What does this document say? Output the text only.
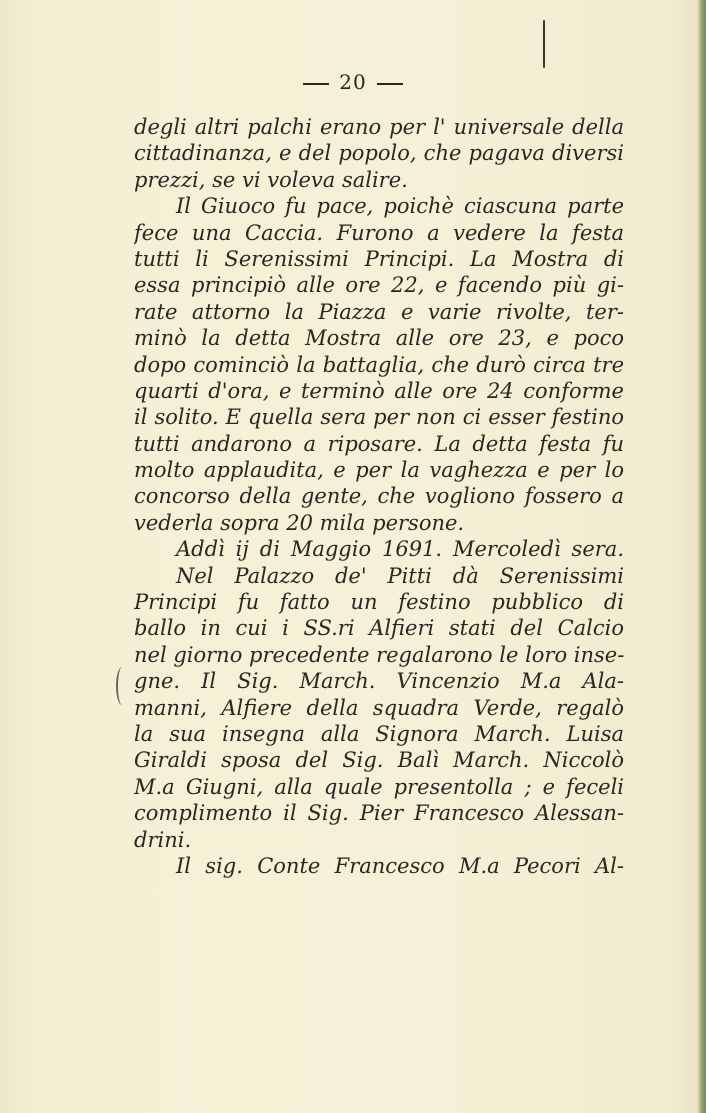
20
degli altri palchi erano per l' universale della
cittadinanza, e del popolo, che pagava diversi
prezzi, se vi voleva salire.
Il Giuoco fu pace, poichè ciascuna parte
fece una Caccia. Furono a vedere la festa
tutti li Serenissimi Principi. La Mostra di
essa principiò alle ore 22, e facendo più gi-
rate attorno la Piazza e varie rivolte, ter-
minò la detta Mostra alle ore 23, e poco
dopo cominciò la battaglia, che durò circa tre
quarti d'ora, e terminò alle ore 24 conforme
il solito. E quella sera per non ci esser festino
tutti andarono a riposare. La detta festa fu
molto applaudita, e per la vaghezza e per lo
concorso della gente, che vogliono fossero a
vederla sopra 20 mila persone.
Addì ij di Maggio 1691. Mercoledì sera.
Nel Palazzo de' Pitti dà Serenissimi
Principi fu fatto un festino pubblico di
ballo in cui i SS.ri Alfieri stati del Calcio
nel giorno precedente regalarono le loro inse-
gne. Il Sig. March. Vincenzio M.a Ala-
manni, Alfiere della squadra Verde, regalò
la sua insegna alla Signora March. Luisa
Giraldi sposa del Sig. Balì March. Niccolò
M.a Giugni, alla quale presentolla ; e feceli
complimento il Sig. Pier Francesco Alessan-
drini.
Il sig. Conte Francesco M.a Pecori Al-
